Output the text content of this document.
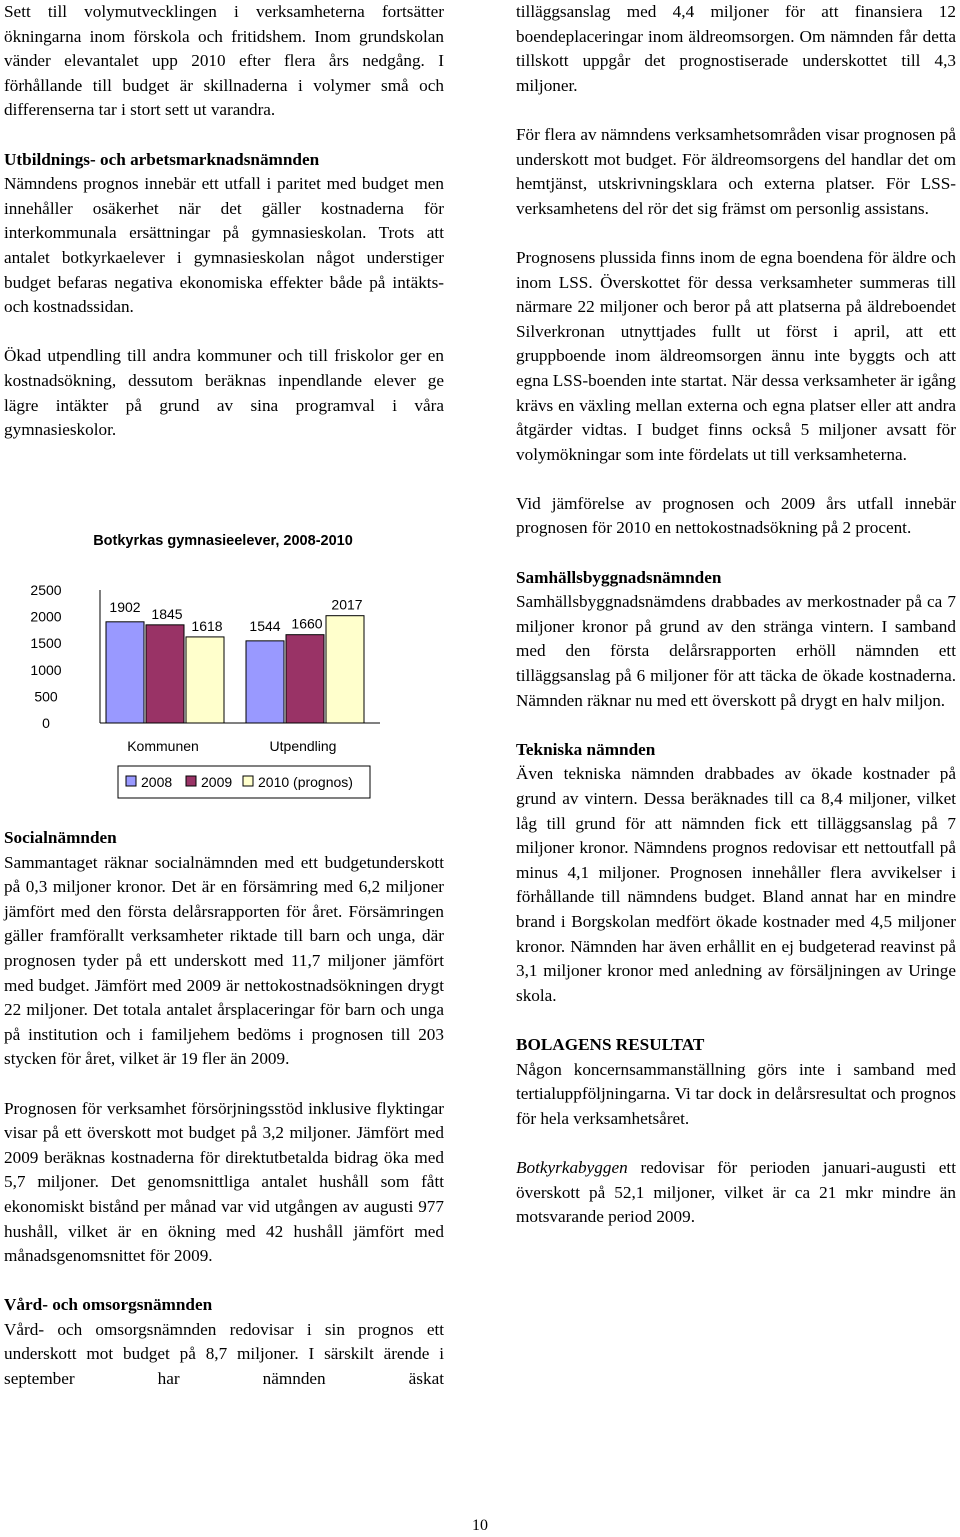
Sett till volymutvecklingen i verksamheterna fortsätter ökningarna inom förskola och fritidshem. Inom grundskolan vänder elevantalet upp 2010 efter flera års nedgång. I förhållande till budget är skillnaderna i volymer små och differenserna tar i stort sett ut varandra.

Utbildnings- och arbetsmarknadsnämnden

Nämndens prognos innebär ett utfall i paritet med budget men innehåller osäkerhet när det gäller kostnaderna för interkommunala ersättningar på gymnasieskolan. Trots att antalet botkyrkaelever i gymnasieskolan något understiger budget befaras negativa ekonomiska effekter både på intäkts- och kostnadssidan.

Ökad utpendling till andra kommuner och till friskolor ger en kostnadsökning, dessutom beräknas inpendlande elever ge lägre intäkter på grund av sina programval i våra gymnasieskolor.

Botkyrkas gymnasieelever, 2008-2010
2500
2000
1500
1000
500
0
1902 1845
1618 1544 1660
2017
Kommunen	Utpendling
2008 2009 2010 (prognos)
Socialnämnden

Sammantaget räknar socialnämnden med ett budgetunderskott på 0,3 miljoner kronor. Det är en försämring med 6,2 miljoner jämfört med den första delårsrapporten för året. Försämringen gäller framförallt verksamheter riktade till barn och unga, där prognosen tyder på ett underskott med 11,7 miljoner jämfört med budget. Jämfört med 2009 är nettokostnadsökningen drygt 22 miljoner. Det totala antalet årsplaceringar för barn och unga på institution och i familjehem bedöms i prognosen till 203 stycken för året, vilket är 19 fler än 2009.

Prognosen för verksamhet försörjningsstöd inklusive flyktingar visar på ett överskott mot budget på 3,2 miljoner. Jämfört med 2009 beräknas kostnaderna för direktutbetalda bidrag öka med 5,7 miljoner. Det genomsnittliga antalet hushåll som fått ekonomiskt bistånd per månad var vid utgången av augusti 977 hushåll, vilket är en ökning med 42 hushåll jämfört med månadsgenomsnittet för 2009.

Vård- och omsorgsnämnden

Vård- och omsorgsnämnden redovisar i sin prognos ett underskott mot budget på 8,7 miljoner. I särskilt ärende i september har nämnden äskat

tilläggsanslag med 4,4 miljoner för att finansiera 12 boendeplaceringar inom äldreomsorgen. Om nämnden får detta tillskott uppgår det prognostiserade underskottet till 4,3 miljoner.

För flera av nämndens verksamhetsområden visar prognosen på underskott mot budget. För äldreomsorgens del handlar det om hemtjänst, utskrivningsklara och externa platser. För LSS-verksamhetens del rör det sig främst om personlig assistans.

Prognosens plussida finns inom de egna boendena för äldre och inom LSS. Överskottet för dessa verksamheter summeras till närmare 22 miljoner och beror på att platserna på äldreboendet Silverkronan utnyttjades fullt ut först i april, att ett gruppboende inom äldreomsorgen ännu inte byggts och att egna LSS-boenden inte startat. När dessa verksamheter är igång krävs en växling mellan externa och egna platser eller att andra åtgärder vidtas. I budget finns också 5 miljoner avsatt för volymökningar som inte fördelats ut till verksamheterna.

Vid jämförelse av prognosen och 2009 års utfall innebär prognosen för 2010 en nettokostnadsökning på 2 procent.

Samhällsbyggnadsnämnden

Samhällsbyggnadsnämdens drabbades av merkostnader på ca 7 miljoner kronor på grund av den stränga vintern. I samband med den första delårsrapporten erhöll nämnden ett tilläggsanslag på 6 miljoner för att täcka de ökade kostnaderna. Nämnden räknar nu med ett överskott på drygt en halv miljon.

Tekniska nämnden

Även tekniska nämnden drabbades av ökade kostnader på grund av vintern. Dessa beräknades till ca 8,4 miljoner, vilket låg till grund för att nämnden fick ett tilläggsanslag på 7 miljoner kronor. Nämndens prognos redovisar ett nettoutfall på minus 4,1 miljoner. Prognosen innehåller flera avvikelser i förhållande till nämndens budget. Bland annat har en mindre brand i Borgskolan medfört ökade kostnader med 4,5 miljoner kronor. Nämnden har även erhållit en ej budgeterad reavinst på 3,1 miljoner kronor med anledning av försäljningen av Uringe skola.

BOLAGENS RESULTAT

Någon koncernsammanställning görs inte i samband med tertialuppföljningarna. Vi tar dock in delårsresultat och prognos för hela verksamhetsåret.

Botkyrkabyggen redovisar för perioden januari-augusti ett överskott på 52,1 miljoner, vilket är ca 21 mkr mindre än motsvarande period 2009.

10
